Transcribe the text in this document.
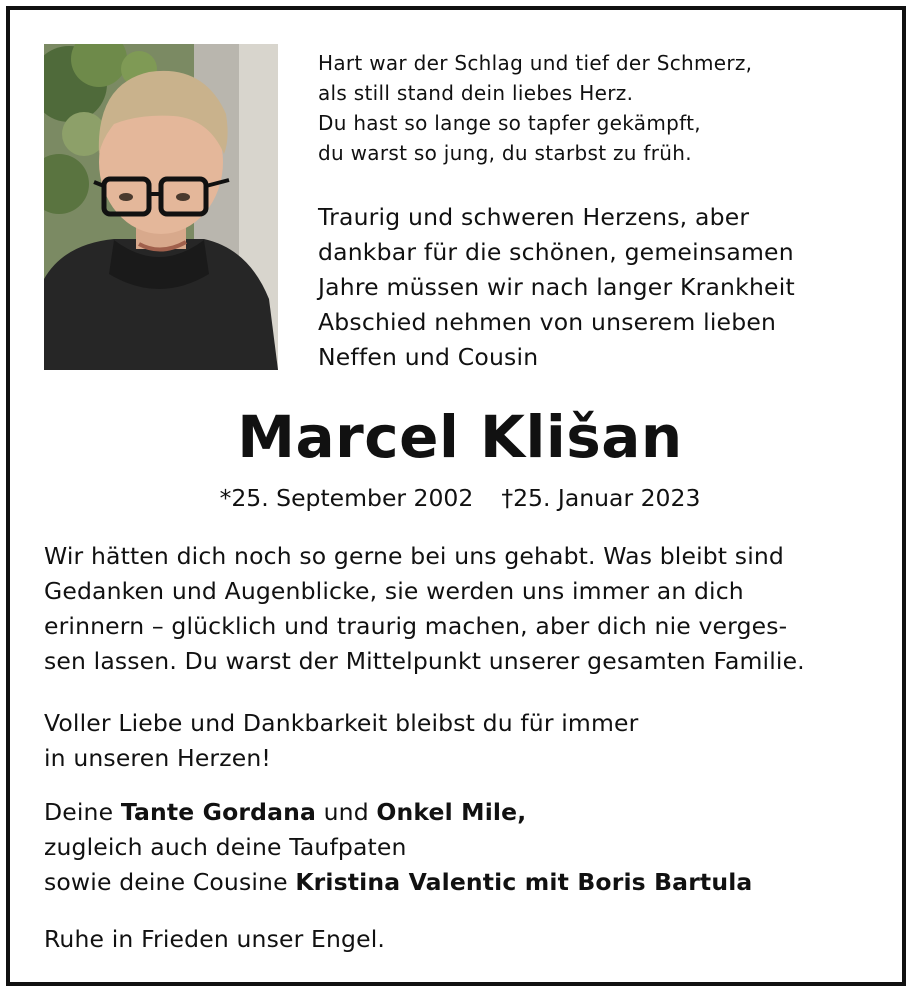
Hart war der Schlag und tief der Schmerz,
als still stand dein liebes Herz.
Du hast so lange so tapfer gekämpft,
du warst so jung, du starbst zu früh.
Traurig und schweren Herzens, aber
dankbar für die schönen, gemeinsamen
Jahre müssen wir nach langer Krankheit
Abschied nehmen von unserem lieben
Neffen und Cousin
Marcel Klišan
*25. September 2002 †25. Januar 2023
Wir hätten dich noch so gerne bei uns gehabt. Was bleibt sind
Gedanken und Augenblicke, sie werden uns immer an dich
erinnern – glücklich und traurig machen, aber dich nie verges-
sen lassen. Du warst der Mittelpunkt unserer gesamten Familie.
Voller Liebe und Dankbarkeit bleibst du für immer
in unseren Herzen!
Deine Tante Gordana und Onkel Mile,
zugleich auch deine Taufpaten
sowie deine Cousine Kristina Valentic mit Boris Bartula
Ruhe in Frieden unser Engel.
